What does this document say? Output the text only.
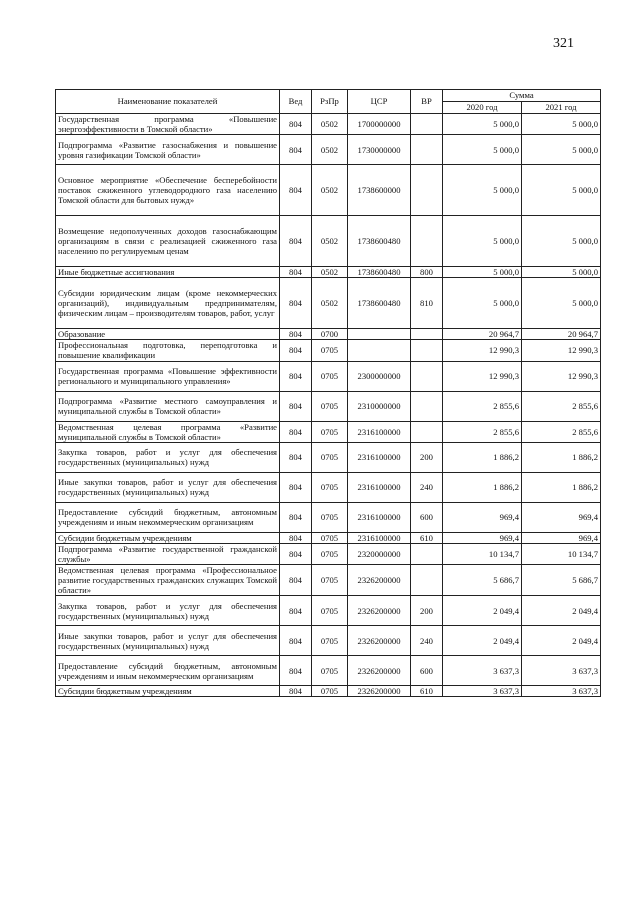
321
Наименование показателей	Вед	РзПр	ЦСР	ВР	Сумма	
					2020 год	2021 год
Государственная программа «Повышение энергоэффективности в Томской области»	804	0502	1700000000		5 000,0	5 000,0
Подпрограмма «Развитие газоснабжения и повышение уровня газификации Томской области»	804	0502	1730000000		5 000,0	5 000,0
Основное мероприятие «Обеспечение бесперебойности поставок сжиженного углеводородного газа населению Томской области для бытовых нужд»	804	0502	1738600000		5 000,0	5 000,0
Возмещение недополученных доходов газоснабжающим организациям в связи с реализацией сжиженного газа населению по регулируемым ценам	804	0502	1738600480		5 000,0	5 000,0
Иные бюджетные ассигнования	804	0502	1738600480	800	5 000,0	5 000,0
Субсидии юридическим лицам (кроме некоммерческих организаций), индивидуальным предпринимателям, физическим лицам – производителям товаров, работ, услуг	804	0502	1738600480	810	5 000,0	5 000,0
Образование	804	0700			20 964,7	20 964,7
Профессиональная подготовка, переподготовка и повышение квалификации	804	0705			12 990,3	12 990,3
Государственная программа «Повышение эффективности регионального и муниципального управления»	804	0705	2300000000		12 990,3	12 990,3
Подпрограмма «Развитие местного самоуправления и муниципальной службы в Томской области»	804	0705	2310000000		2 855,6	2 855,6
Ведомственная целевая программа «Развитие муниципальной службы в Томской области»	804	0705	2316100000		2 855,6	2 855,6
Закупка товаров, работ и услуг для обеспечения государственных (муниципальных) нужд	804	0705	2316100000	200	1 886,2	1 886,2
Иные закупки товаров, работ и услуг для обеспечения государственных (муниципальных) нужд	804	0705	2316100000	240	1 886,2	1 886,2
Предоставление субсидий бюджетным, автономным учреждениям и иным некоммерческим организациям	804	0705	2316100000	600	969,4	969,4
Субсидии бюджетным учреждениям	804	0705	2316100000	610	969,4	969,4
Подпрограмма «Развитие государственной гражданской службы»	804	0705	2320000000		10 134,7	10 134,7
Ведомственная целевая программа «Профессиональное развитие государственных гражданских служащих Томской области»	804	0705	2326200000		5 686,7	5 686,7
Закупка товаров, работ и услуг для обеспечения государственных (муниципальных) нужд	804	0705	2326200000	200	2 049,4	2 049,4
Иные закупки товаров, работ и услуг для обеспечения государственных (муниципальных) нужд	804	0705	2326200000	240	2 049,4	2 049,4
Предоставление субсидий бюджетным, автономным учреждениям и иным некоммерческим организациям	804	0705	2326200000	600	3 637,3	3 637,3
Субсидии бюджетным учреждениям	804	0705	2326200000	610	3 637,3	3 637,3
